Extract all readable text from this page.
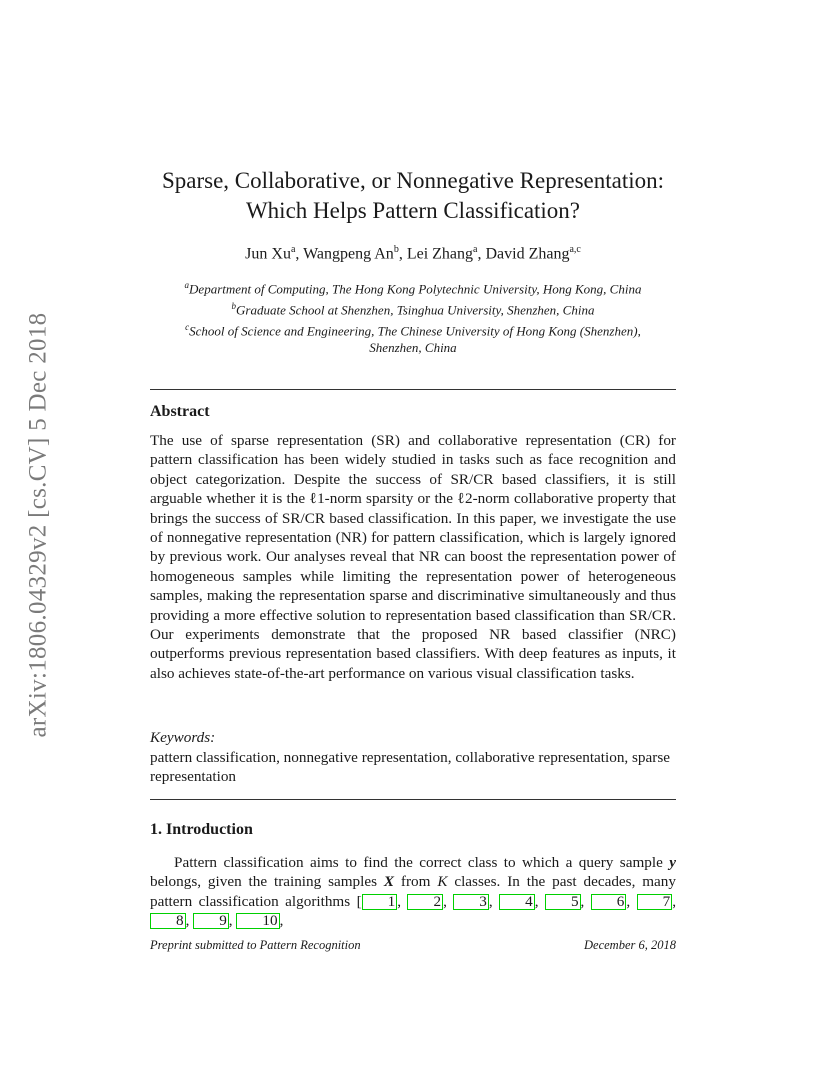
arXiv:1806.04329v2 [cs.CV] 5 Dec 2018
Sparse, Collaborative, or Nonnegative Representation:
Which Helps Pattern Classification?
Jun Xu$^a$, Wangpeng An$^b$, Lei Zhang$^a$, David Zhang$^{a,c}$
$^a$Department of Computing, The Hong Kong Polytechnic University, Hong Kong, China
$^b$Graduate School at Shenzhen, Tsinghua University, Shenzhen, China
$^c$School of Science and Engineering, The Chinese University of Hong Kong (Shenzhen),
Shenzhen, China
Abstract
The use of sparse representation (SR) and collaborative representation (CR) for pattern classification has been widely studied in tasks such as face recognition and object categorization. Despite the success of SR/CR based classifiers, it is still arguable whether it is the ℓ1-norm sparsity or the ℓ2-norm collaborative property that brings the success of SR/CR based classification. In this paper, we investigate the use of nonnegative representation (NR) for pattern classification, which is largely ignored by previous work. Our analyses reveal that NR can boost the representation power of homogeneous samples while limiting the representation power of heterogeneous samples, making the representation sparse and discriminative simultaneously and thus providing a more effective solution to representation based classification than SR/CR. Our experiments demonstrate that the proposed NR based classifier (NRC) outperforms previous representation based classifiers. With deep features as inputs, it also achieves state-of-the-art performance on various visual classification tasks.
Keywords:
pattern classification, nonnegative representation, collaborative representation, sparse representation
1. Introduction
Pattern classification aims to find the correct class to which a query sample y belongs, given the training samples X from K classes. In the past decades, many pattern classification algorithms [ 1 , 2 , 3 , 4 , 5 , 6 , 7 , 8 , 9 , 10 ,
Preprint submitted to Pattern Recognition	December 6, 2018
